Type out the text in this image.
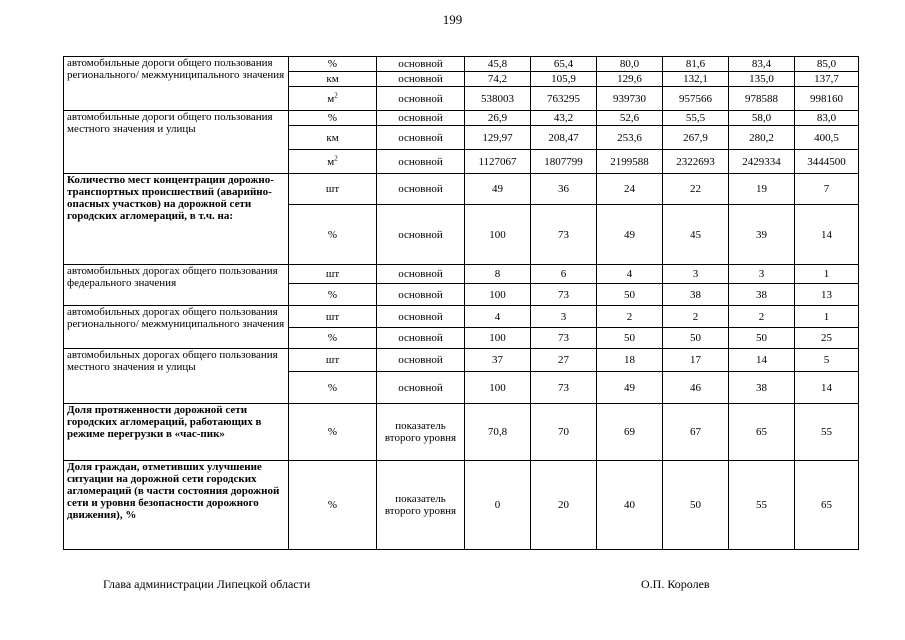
199
автомобильные дороги общего пользования регионального/ межмуниципального значения	%	основной	45,8	65,4	80,0	81,6	83,4	85,0
	км	основной	74,2	105,9	129,6	132,1	135,0	137,7
	$м^2$	основной	538003	763295	939730	957566	978588	998160
автомобильные дороги общего пользования местного значения и улицы	%	основной	26,9	43,2	52,6	55,5	58,0	83,0
	км	основной	129,97	208,47	253,6	267,9	280,2	400,5
	$м^2$	основной	1127067	1807799	2199588	2322693	2429334	3444500
Количество мест концентрации дорожно-транспортных происшествий (аварийно-опасных участков) на дорожной сети городских агломераций, в т.ч. на:	шт	основной	49	36	24	22	19	7
	%	основной	100	73	49	45	39	14
автомобильных дорогах общего пользования федерального значения	шт	основной	8	6	4	3	3	1
	%	основной	100	73	50	38	38	13
автомобильных дорогах общего пользования регионального/ межмуниципального значения	шт	основной	4	3	2	2	2	1
	%	основной	100	73	50	50	50	25
автомобильных дорогах общего пользования местного значения и улицы	шт	основной	37	27	18	17	14	5
	%	основной	100	73	49	46	38	14
Доля протяженности дорожной сети городских агломераций, работающих в режиме перегрузки в «час-пик»	%	показатель второго уровня	70,8	70	69	67	65	55
Доля граждан, отметивших улучшение ситуации на дорожной сети городских агломераций (в части состояния дорожной сети и уровня безопасности дорожного движения), %	%	показатель второго уровня	0	20	40	50	55	65
Глава администрации Липецкой области	О.П. Королев
